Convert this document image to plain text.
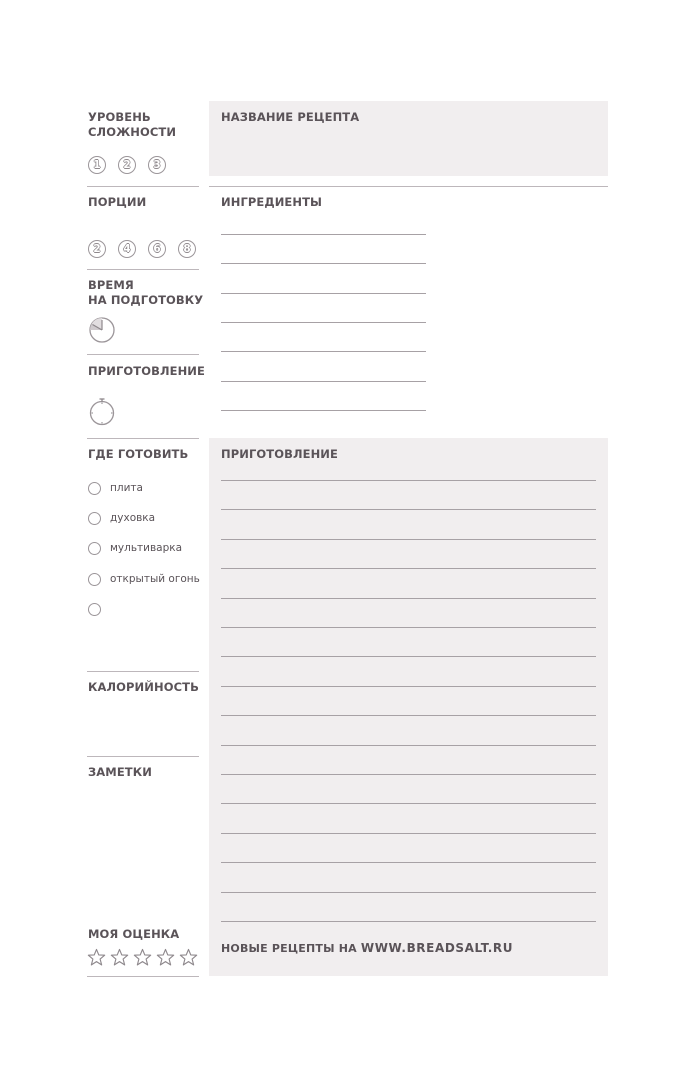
УРОВЕНЬ
СЛОЖНОСТИ
1	2	3
ПОРЦИИ
2	4	6	8
ВРЕМЯ
НА ПОДГОТОВКУ
ПРИГОТОВЛЕНИЕ
ГДЕ ГОТОВИТЬ
плита
духовка
мультиварка
открытый огонь
КАЛОРИЙНОСТЬ
ЗАМЕТКИ
МОЯ ОЦЕНКА
НАЗВАНИЕ РЕЦЕПТА
ИНГРЕДИЕНТЫ
ПРИГОТОВЛЕНИЕ
НОВЫЕ РЕЦЕПТЫ НА WWW.BREADSALT.RU
